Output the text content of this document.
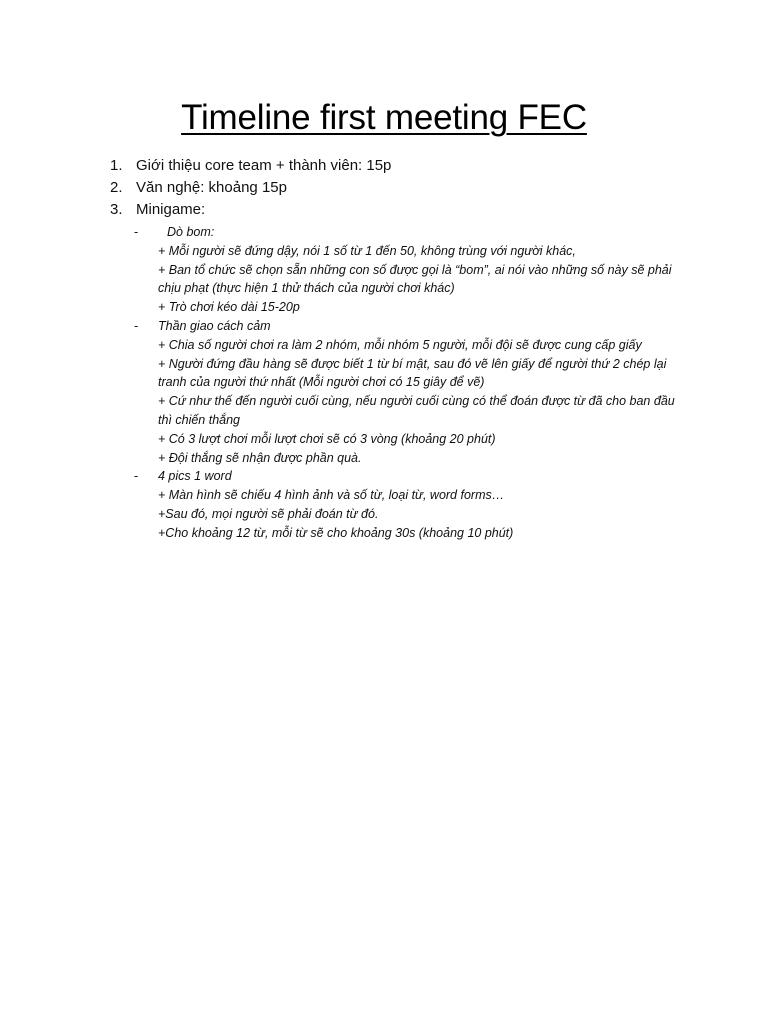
Timeline first meeting FEC
1. Giới thiệu core team + thành viên: 15p
2. Văn nghệ: khoảng 15p
3. Minigame:
- Dò bom:
+ Mỗi người sẽ đứng dậy, nói 1 số từ 1 đến 50, không trùng với người khác,
+ Ban tổ chức sẽ chọn sẵn những con số được gọi là “bom”, ai nói vào những số này sẽ phải
chịu phạt (thực hiện 1 thử thách của người chơi khác)
+ Trò chơi kéo dài 15-20p
- Thần giao cách cảm
+ Chia số người chơi ra làm 2 nhóm, mỗi nhóm 5 người, mỗi đội sẽ được cung cấp giấy
+ Người đứng đầu hàng sẽ được biết 1 từ bí mật, sau đó vẽ lên giấy để người thứ 2 chép lại
tranh của người thứ nhất (Mỗi người chơi có 15 giây để vẽ)
+ Cứ như thế đến người cuối cùng, nếu người cuối cùng có thể đoán được từ đã cho ban đầu
thì chiến thắng
+ Có 3 lượt chơi mỗi lượt chơi sẽ có 3 vòng (khoảng 20 phút)
+ Đội thắng sẽ nhận được phần quà.
- 4 pics 1 word
+ Màn hình sẽ chiếu 4 hình ảnh và số từ, loại từ, word forms…
+Sau đó, mọi người sẽ phải đoán từ đó.
+Cho khoảng 12 từ, mỗi từ sẽ cho khoảng 30s (khoảng 10 phút)
